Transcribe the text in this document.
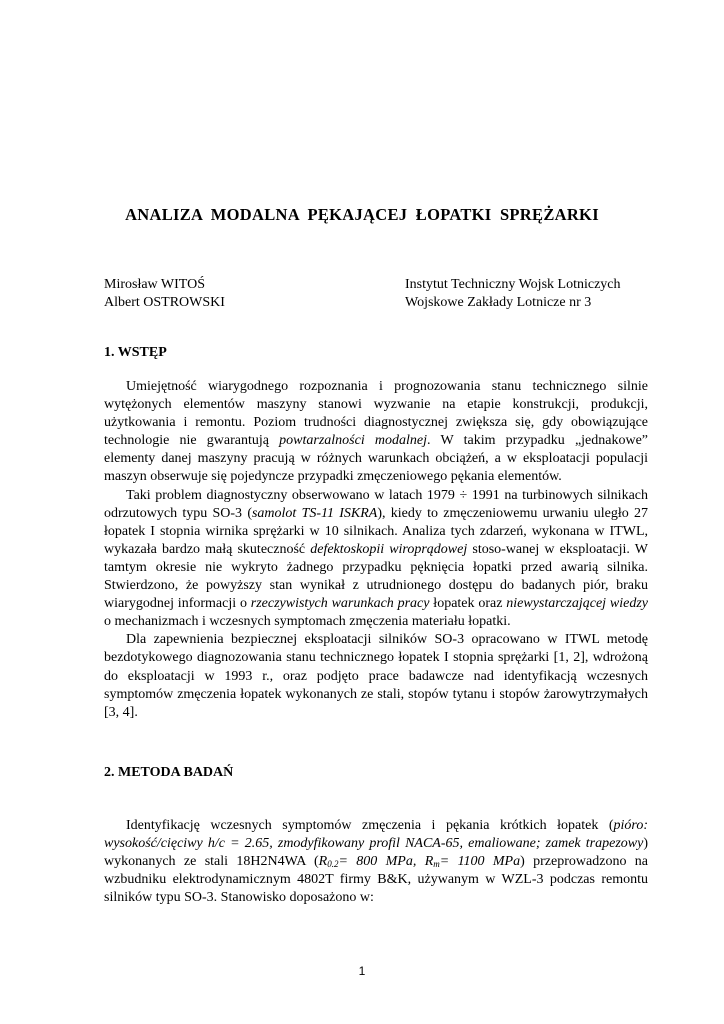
ANALIZA MODALNA PĘKAJĄCEJ ŁOPATKI SPRĘŻARKI
Mirosław WITOŚ
Albert OSTROWSKI
Instytut Techniczny Wojsk Lotniczych
Wojskowe Zakłady Lotnicze nr 3
1. WSTĘP

Umiejętność wiarygodnego rozpoznania i prognozowania stanu technicznego silnie wytężonych elementów maszyny stanowi wyzwanie na etapie konstrukcji, produkcji, użytkowania i remontu. Poziom trudności diagnostycznej zwiększa się, gdy obowiązujące technologie nie gwarantują powtarzalności modalnej. W takim przypadku „jednakowe” elementy danej maszyny pracują w różnych warunkach obciążeń, a w eksploatacji populacji maszyn obserwuje się pojedyncze przypadki zmęczeniowego pękania elementów.

Taki problem diagnostyczny obserwowano w latach 1979 ÷ 1991 na turbinowych silnikach odrzutowych typu SO-3 (samolot TS-11 ISKRA), kiedy to zmęczeniowemu urwaniu uległo 27 łopatek I stopnia wirnika sprężarki w 10 silnikach. Analiza tych zdarzeń, wykonana w ITWL, wykazała bardzo małą skuteczność defektoskopii wiroprądowej stoso-wanej w eksploatacji. W tamtym okresie nie wykryto żadnego przypadku pęknięcia łopatki przed awarią silnika. Stwierdzono, że powyższy stan wynikał z utrudnionego dostępu do badanych piór, braku wiarygodnej informacji o rzeczywistych warunkach pracy łopatek oraz niewystarczającej wiedzy o mechanizmach i wczesnych symptomach zmęczenia materiału łopatki.

Dla zapewnienia bezpiecznej eksploatacji silników SO-3 opracowano w ITWL metodę bezdotykowego diagnozowania stanu technicznego łopatek I stopnia sprężarki [1, 2], wdrożoną do eksploatacji w 1993 r., oraz podjęto prace badawcze nad identyfikacją wczesnych symptomów zmęczenia łopatek wykonanych ze stali, stopów tytanu i stopów żarowytrzymałych [3, 4].

2. METODA BADAŃ

Identyfikację wczesnych symptomów zmęczenia i pękania krótkich łopatek (pióro: wysokość/cięciwy h/c = 2.65, zmodyfikowany profil NACA-65, emaliowane; zamek trapezowy) wykonanych ze stali 18H2N4WA ($R_{0.2}= 800$ MPa, $R_m= 1100$ MPa) przeprowadzono na wzbudniku elektrodynamicznym 4802T firmy B&K, używanym w WZL-3 podczas remontu silników typu SO-3. Stanowisko doposażono w:

1
